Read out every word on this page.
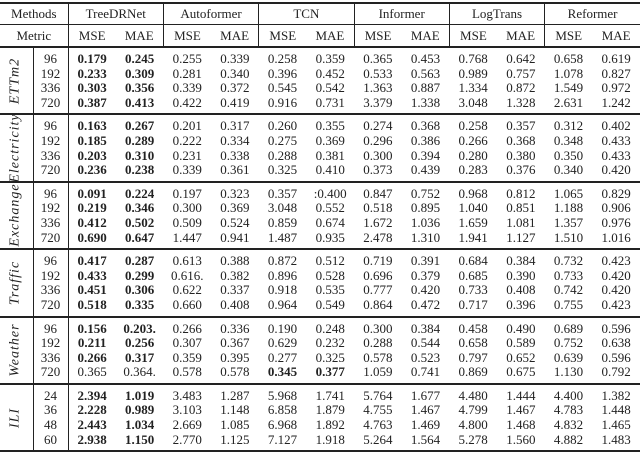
Methods		TreeDRNet		Autoformer		TCN		Informer		LogTrans		Reformer	
Metric		MSE	MAE	MSE	MAE	MSE	MAE	MSE	MAE	MSE	MAE	MSE	MAE

ETTm2	96	0.179	0.245	0.255	0.339	0.258	0.359	0.365	0.453	0.768	0.642	0.658	0.619
	192	0.233	0.309	0.281	0.340	0.396	0.452	0.533	0.563	0.989	0.757	1.078	0.827
	336	0.303	0.356	0.339	0.372	0.545	0.542	1.363	0.887	1.334	0.872	1.549	0.972
	720	0.387	0.413	0.422	0.419	0.916	0.731	3.379	1.338	3.048	1.328	2.631	1.242

Electricity	96	0.163	0.267	0.201	0.317	0.260	0.355	0.274	0.368	0.258	0.357	0.312	0.402
	192	0.185	0.289	0.222	0.334	0.275	0.369	0.296	0.386	0.266	0.368	0.348	0.433
	336	0.203	0.310	0.231	0.338	0.288	0.381	0.300	0.394	0.280	0.380	0.350	0.433
	720	0.236	0.238	0.339	0.361	0.325	0.410	0.373	0.439	0.283	0.376	0.340	0.420

Exchange	96	0.091	0.224	0.197	0.323	0.357	:0.400	0.847	0.752	0.968	0.812	1.065	0.829
	192	0.219	0.346	0.300	0.369	3.048	0.552	0.518	0.895	1.040	0.851	1.188	0.906
	336	0.412	0.502	0.509	0.524	0.859	0.674	1.672	1.036	1.659	1.081	1.357	0.976
	720	0.690	0.647	1.447	0.941	1.487	0.935	2.478	1.310	1.941	1.127	1.510	1.016

Traffic	96	0.417	0.287	0.613	0.388	0.872	0.512	0.719	0.391	0.684	0.384	0.732	0.423
	192	0.433	0.299	0.616.	0.382	0.896	0.528	0.696	0.379	0.685	0.390	0.733	0.420
	336	0.451	0.306	0.622	0.337	0.918	0.535	0.777	0.420	0.733	0.408	0.742	0.420
	720	0.518	0.335	0.660	0.408	0.964	0.549	0.864	0.472	0.717	0.396	0.755	0.423

Weather	96	0.156	0.203.	0.266	0.336	0.190	0.248	0.300	0.384	0.458	0.490	0.689	0.596
	192	0.211	0.256	0.307	0.367	0.629	0.232	0.288	0.544	0.658	0.589	0.752	0.638
	336	0.266	0.317	0.359	0.395	0.277	0.325	0.578	0.523	0.797	0.652	0.639	0.596
	720	0.365	0.364.	0.578	0.578	0.345	0.377	1.059	0.741	0.869	0.675	1.130	0.792

ILI	24	2.394	1.019	3.483	1.287	5.968	1.741	5.764	1.677	4.480	1.444	4.400	1.382
	36	2.228	0.989	3.103	1.148	6.858	1.879	4.755	1.467	4.799	1.467	4.783	1.448
	48	2.443	1.034	2.669	1.085	6.968	1.892	4.763	1.469	4.800	1.468	4.832	1.465
	60	2.938	1.150	2.770	1.125	7.127	1.918	5.264	1.564	5.278	1.560	4.882	1.483
